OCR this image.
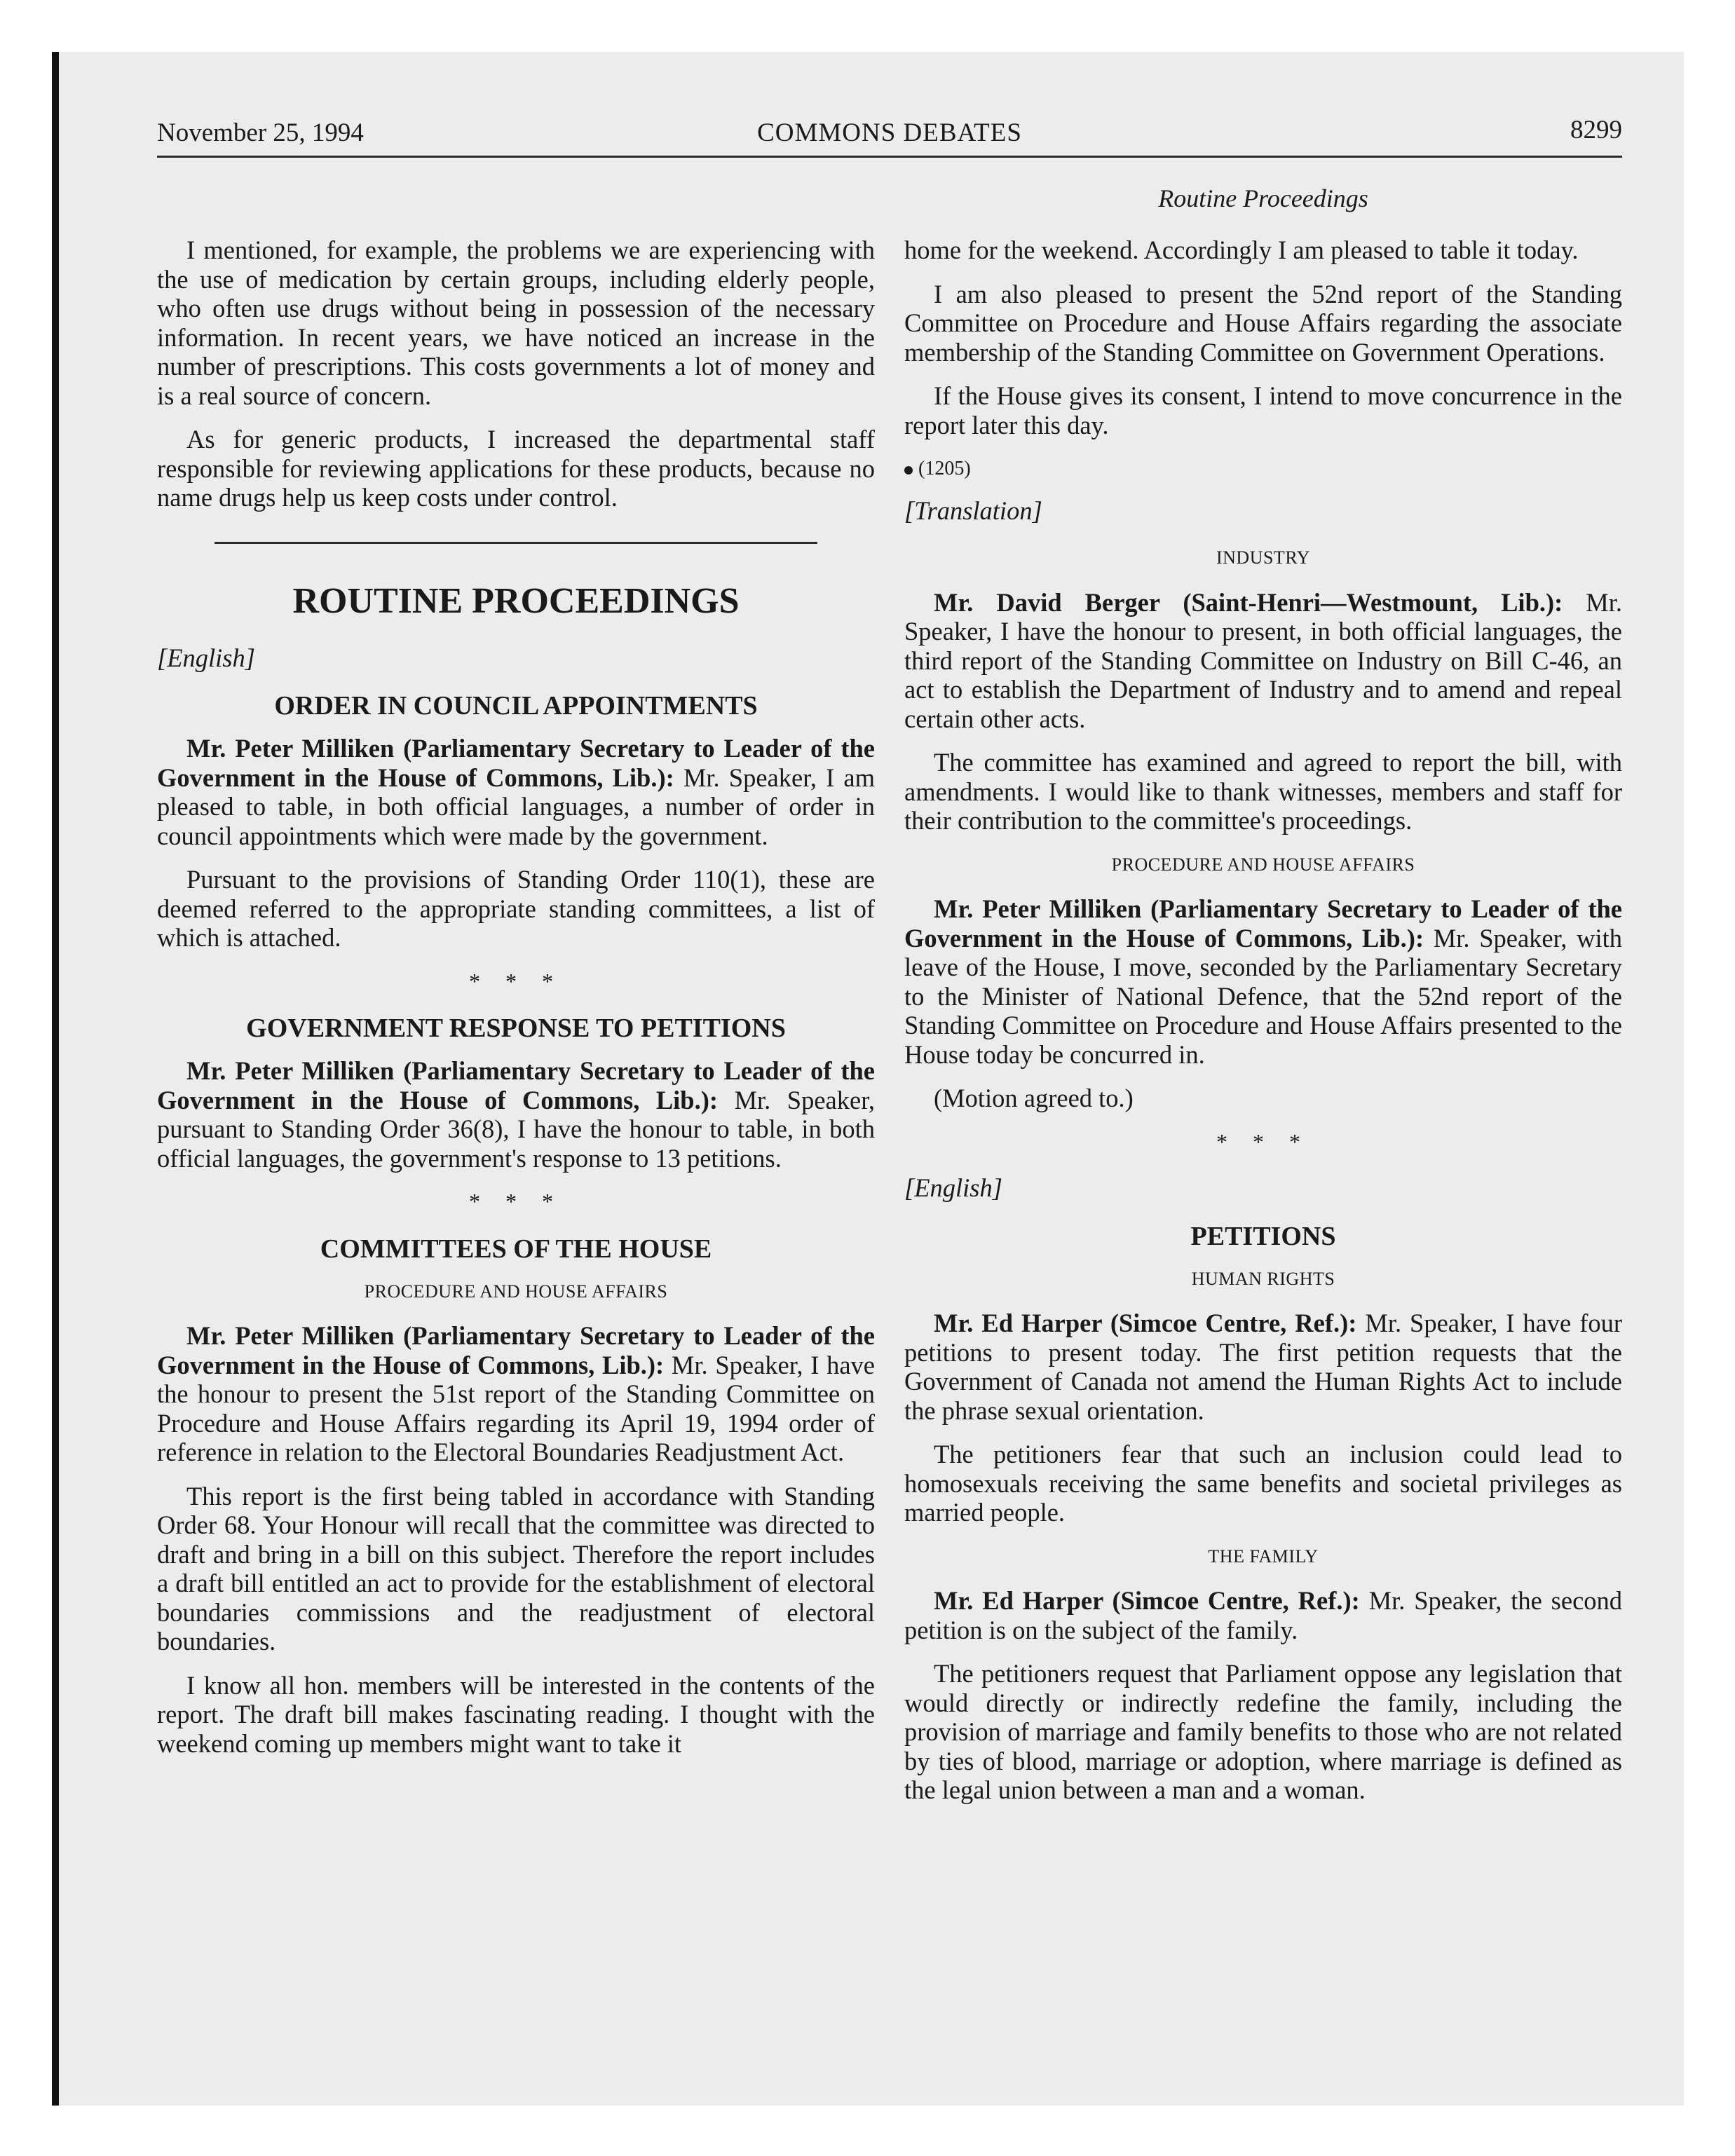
November 25, 1994	COMMONS DEBATES	8299
Routine Proceedings

I mentioned, for example, the problems we are experiencing with the use of medication by certain groups, including elderly people, who often use drugs without being in possession of the necessary information. In recent years, we have noticed an increase in the number of prescriptions. This costs governments a lot of money and is a real source of concern.

As for generic products, I increased the departmental staff responsible for reviewing applications for these products, because no name drugs help us keep costs under control.

ROUTINE PROCEEDINGS
[English]
ORDER IN COUNCIL APPOINTMENTS

Mr. Peter Milliken (Parliamentary Secretary to Leader of the Government in the House of Commons, Lib.): Mr. Speaker, I am pleased to table, in both official languages, a number of order in council appointments which were made by the government.

Pursuant to the provisions of Standing Order 110(1), these are deemed referred to the appropriate standing committees, a list of which is attached.

* * *
GOVERNMENT RESPONSE TO PETITIONS

Mr. Peter Milliken (Parliamentary Secretary to Leader of the Government in the House of Commons, Lib.): Mr. Speaker, pursuant to Standing Order 36(8), I have the honour to table, in both official languages, the government's response to 13 petitions.

* * *
COMMITTEES OF THE HOUSE
PROCEDURE AND HOUSE AFFAIRS

Mr. Peter Milliken (Parliamentary Secretary to Leader of the Government in the House of Commons, Lib.): Mr. Speaker, I have the honour to present the 51st report of the Standing Committee on Procedure and House Affairs regarding its April 19, 1994 order of reference in relation to the Electoral Boundaries Readjustment Act.

This report is the first being tabled in accordance with Standing Order 68. Your Honour will recall that the committee was directed to draft and bring in a bill on this subject. Therefore the report includes a draft bill entitled an act to provide for the establishment of electoral boundaries commissions and the readjustment of electoral boundaries.

I know all hon. members will be interested in the contents of the report. The draft bill makes fascinating reading. I thought with the weekend coming up members might want to take it

home for the weekend. Accordingly I am pleased to table it today.

I am also pleased to present the 52nd report of the Standing Committee on Procedure and House Affairs regarding the associate membership of the Standing Committee on Government Operations.

If the House gives its consent, I intend to move concurrence in the report later this day.

(1205)
[Translation]
INDUSTRY

Mr. David Berger (Saint-Henri—Westmount, Lib.): Mr. Speaker, I have the honour to present, in both official languages, the third report of the Standing Committee on Industry on Bill C-46, an act to establish the Department of Industry and to amend and repeal certain other acts.

The committee has examined and agreed to report the bill, with amendments. I would like to thank witnesses, members and staff for their contribution to the committee's proceedings.

PROCEDURE AND HOUSE AFFAIRS

Mr. Peter Milliken (Parliamentary Secretary to Leader of the Government in the House of Commons, Lib.): Mr. Speaker, with leave of the House, I move, seconded by the Parliamentary Secretary to the Minister of National Defence, that the 52nd report of the Standing Committee on Procedure and House Affairs presented to the House today be concurred in.

(Motion agreed to.)

* * *
[English]
PETITIONS
HUMAN RIGHTS

Mr. Ed Harper (Simcoe Centre, Ref.): Mr. Speaker, I have four petitions to present today. The first petition requests that the Government of Canada not amend the Human Rights Act to include the phrase sexual orientation.

The petitioners fear that such an inclusion could lead to homosexuals receiving the same benefits and societal privileges as married people.

THE FAMILY

Mr. Ed Harper (Simcoe Centre, Ref.): Mr. Speaker, the second petition is on the subject of the family.

The petitioners request that Parliament oppose any legislation that would directly or indirectly redefine the family, including the provision of marriage and family benefits to those who are not related by ties of blood, marriage or adoption, where marriage is defined as the legal union between a man and a woman.
